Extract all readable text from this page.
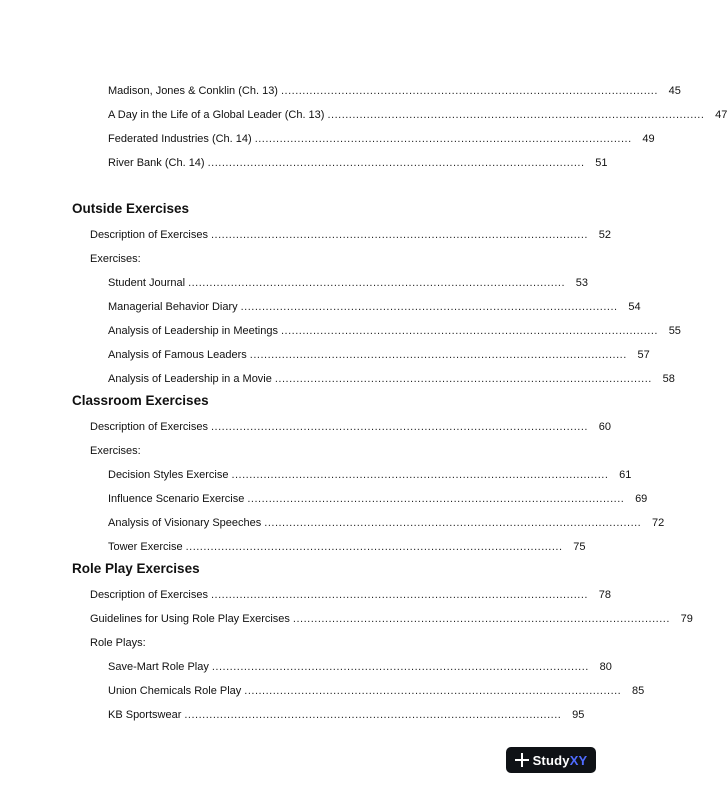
Madison, Jones & Conklin (Ch. 13) .......................................................................................................... 45
A Day in the Life of a Global Leader (Ch. 13) .......................................................................................................... 47
Federated Industries (Ch. 14) .......................................................................................................... 49
River Bank (Ch. 14) .......................................................................................................... 51
Outside Exercises
Description of Exercises .......................................................................................................... 52
Exercises:
Student Journal .......................................................................................................... 53
Managerial Behavior Diary .......................................................................................................... 54
Analysis of Leadership in Meetings .......................................................................................................... 55
Analysis of Famous Leaders .......................................................................................................... 57
Analysis of Leadership in a Movie .......................................................................................................... 58
Classroom Exercises
Description of Exercises .......................................................................................................... 60
Exercises:
Decision Styles Exercise .......................................................................................................... 61
Influence Scenario Exercise .......................................................................................................... 69
Analysis of Visionary Speeches .......................................................................................................... 72
Tower Exercise .......................................................................................................... 75
Role Play Exercises
Description of Exercises .......................................................................................................... 78
Guidelines for Using Role Play Exercises .......................................................................................................... 79
Role Plays:
Save-Mart Role Play .......................................................................................................... 80
Union Chemicals Role Play .......................................................................................................... 85
KB Sportswear .......................................................................................................... 95
StudyXY
